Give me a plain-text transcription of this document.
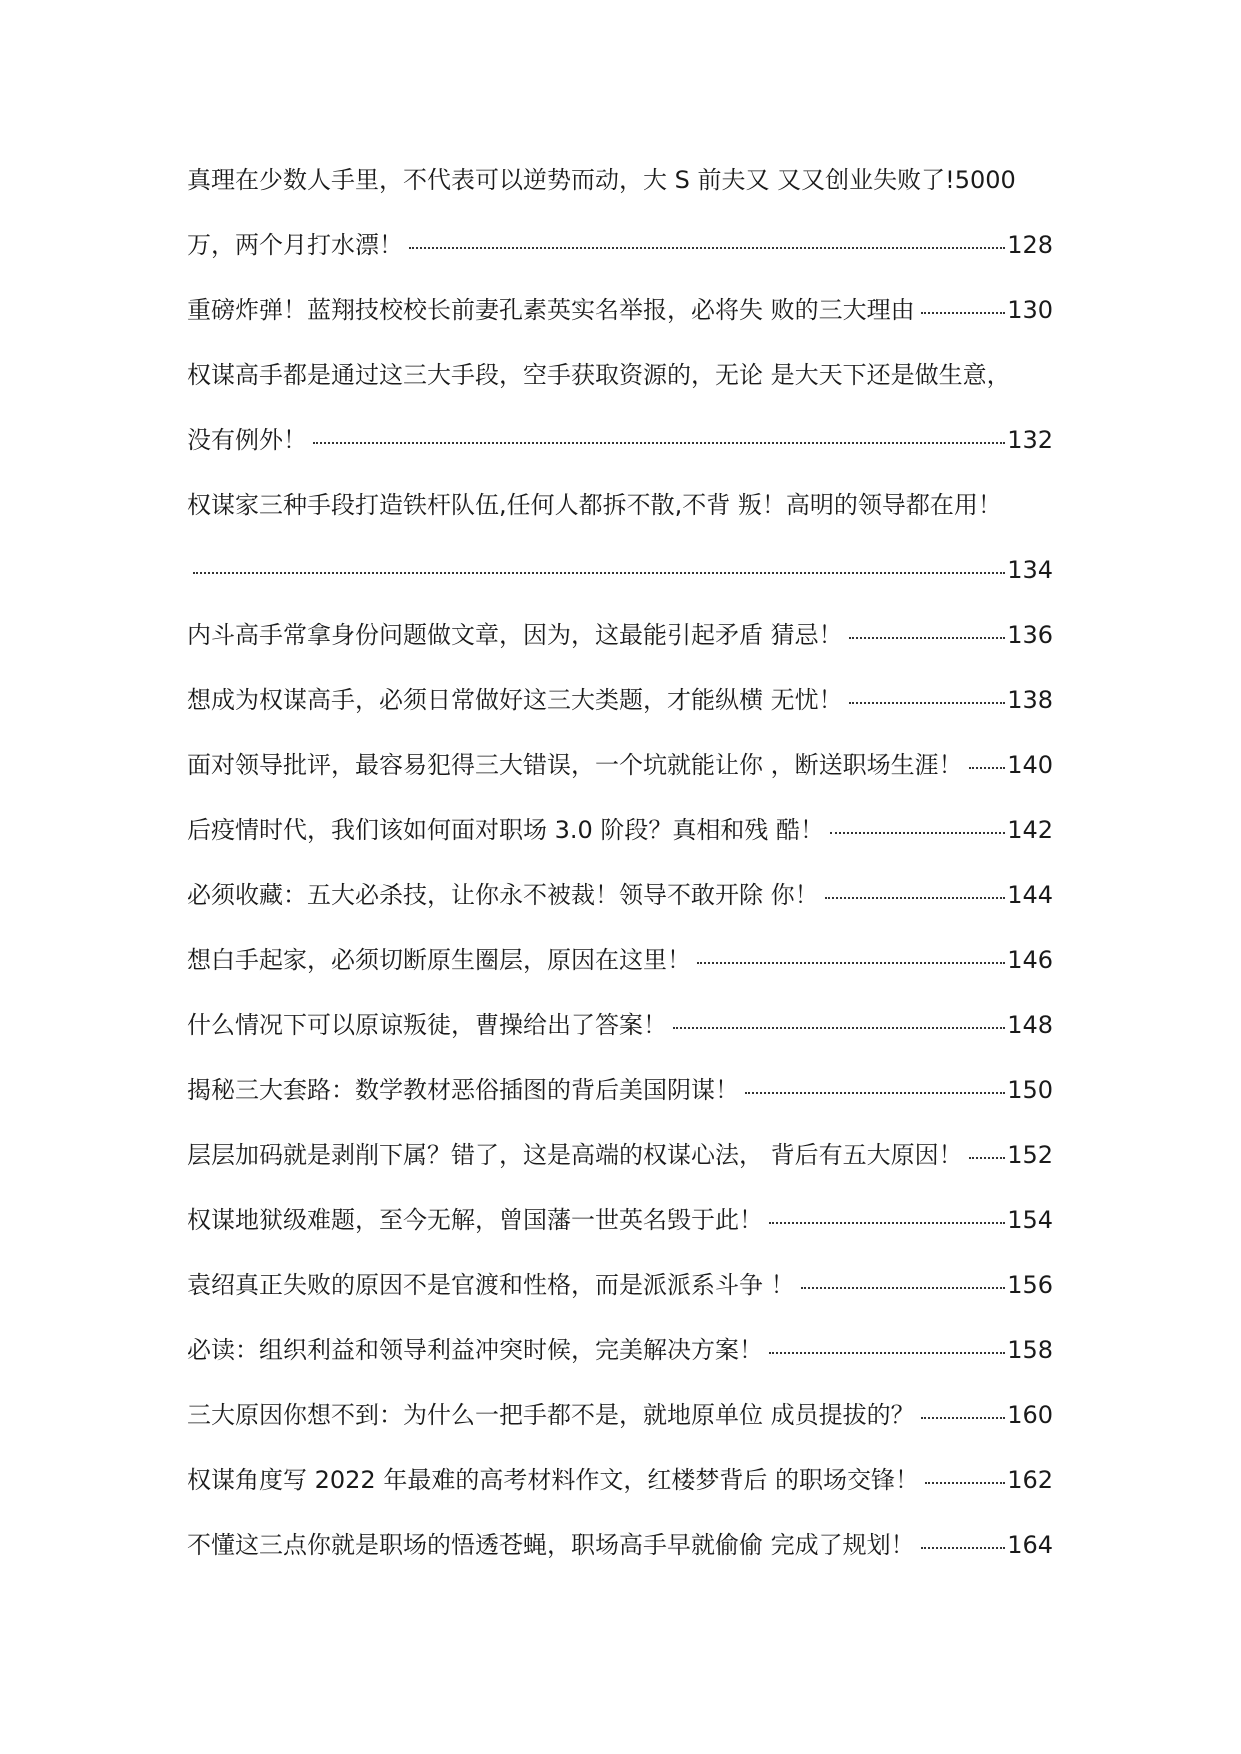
真理在少数人手里，不代表可以逆势而动，大 S 前夫又 又又创业失败了!5000
万，两个月打水漂！	128
重磅炸弹！蓝翔技校校长前妻孔素英实名举报，必将失 败的三大理由	130
权谋高手都是通过这三大手段，空手获取资源的，无论 是大天下还是做生意，
没有例外！	132
权谋家三种手段打造铁杆队伍,任何人都拆不散,不背 叛！高明的领导都在用！
134
内斗高手常拿身份问题做文章，因为，这最能引起矛盾 猜忌！	136
想成为权谋高手，必须日常做好这三大类题，才能纵横 无忧！	138
面对领导批评，最容易犯得三大错误，一个坑就能让你 ，断送职场生涯！ 140
后疫情时代，我们该如何面对职场 3.0 阶段？真相和残 酷！	142
必须收藏：五大必杀技，让你永不被裁！领导不敢开除 你！	144
想白手起家，必须切断原生圈层，原因在这里！	146
什么情况下可以原谅叛徒，曹操给出了答案！	148
揭秘三大套路：数学教材恶俗插图的背后美国阴谋！	150
层层加码就是剥削下属？错了，这是高端的权谋心法， 背后有五大原因！ 152
权谋地狱级难题，至今无解，曾国藩一世英名毁于此！	154
袁绍真正失败的原因不是官渡和性格，而是派派系斗争 ！	156
必读：组织利益和领导利益冲突时候，完美解决方案！	158
三大原因你想不到：为什么一把手都不是，就地原单位 成员提拔的？	160
权谋角度写 2022 年最难的高考材料作文，红楼梦背后 的职场交锋！	162
不懂这三点你就是职场的悟透苍蝇，职场高手早就偷偷 完成了规划！	164
